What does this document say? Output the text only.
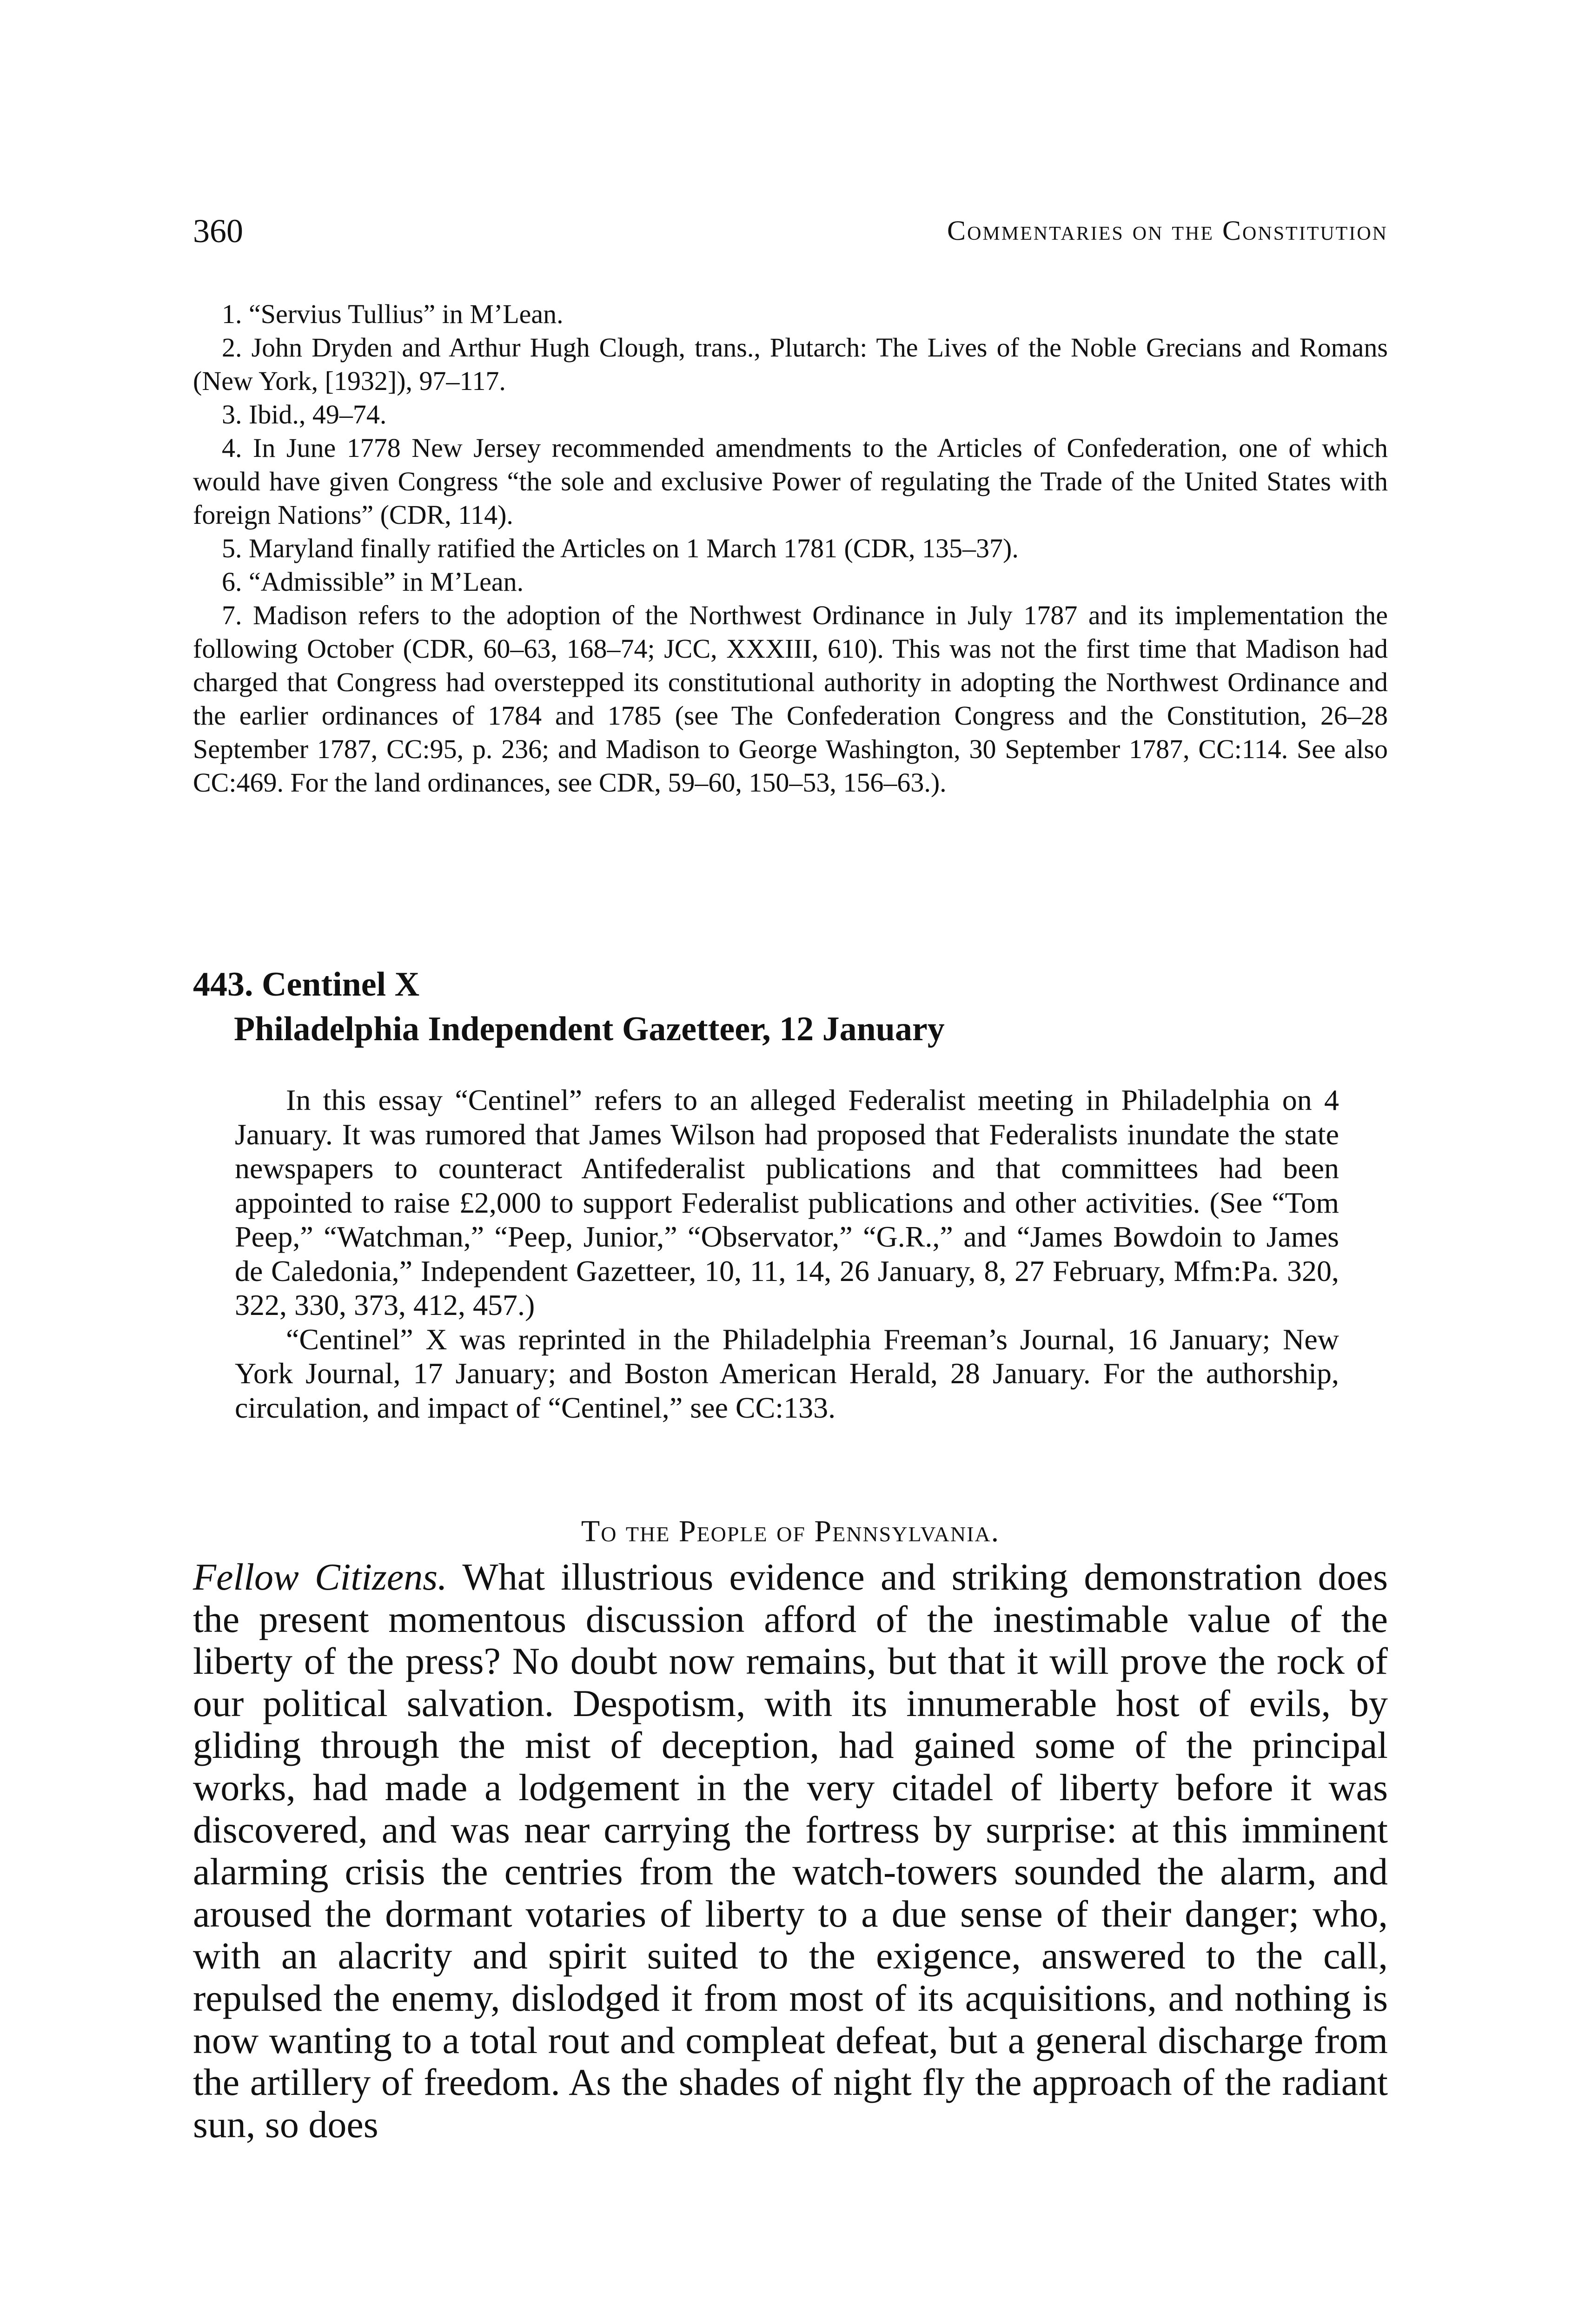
360	Commentaries on the Constitution

1. “Servius Tullius” in M’Lean.

2. John Dryden and Arthur Hugh Clough, trans., Plutarch: The Lives of the Noble Grecians and Romans (New York, [1932]), 97–117.

3. Ibid., 49–74.

4. In June 1778 New Jersey recommended amendments to the Articles of Confederation, one of which would have given Congress “the sole and exclusive Power of regulating the Trade of the United States with foreign Nations” (CDR, 114).

5. Maryland finally ratified the Articles on 1 March 1781 (CDR, 135–37).

6. “Admissible” in M’Lean.

7. Madison refers to the adoption of the Northwest Ordinance in July 1787 and its implementation the following October (CDR, 60–63, 168–74; JCC, XXXIII, 610). This was not the first time that Madison had charged that Congress had overstepped its constitutional authority in adopting the Northwest Ordinance and the earlier ordinances of 1784 and 1785 (see The Confederation Congress and the Constitution, 26–28 September 1787, CC:95, p. 236; and Madison to George Washington, 30 September 1787, CC:114. See also CC:469. For the land ordinances, see CDR, 59–60, 150–53, 156–63.).

443. Centinel X
Philadelphia Independent Gazetteer, 12 January

In this essay “Centinel” refers to an alleged Federalist meeting in Philadelphia on 4 January. It was rumored that James Wilson had proposed that Federalists inundate the state newspapers to counteract Antifederalist publications and that committees had been appointed to raise £2,000 to support Federalist publications and other activities. (See “Tom Peep,” “Watchman,” “Peep, Junior,” “Observator,” “G.R.,” and “James Bowdoin to James de Caledonia,” Independent Gazetteer, 10, 11, 14, 26 January, 8, 27 February, Mfm:Pa. 320, 322, 330, 373, 412, 457.)

“Centinel” X was reprinted in the Philadelphia Freeman’s Journal, 16 January; New York Journal, 17 January; and Boston American Herald, 28 January. For the authorship, circulation, and impact of “Centinel,” see CC:133.

To the People of Pennsylvania.

Fellow Citizens. What illustrious evidence and striking demonstration does the present momentous discussion afford of the inestimable value of the liberty of the press? No doubt now remains, but that it will prove the rock of our political salvation. Despotism, with its innumerable host of evils, by gliding through the mist of deception, had gained some of the principal works, had made a lodgement in the very citadel of liberty before it was discovered, and was near carrying the fortress by surprise: at this imminent alarming crisis the centries from the watch-towers sounded the alarm, and aroused the dormant votaries of liberty to a due sense of their danger; who, with an alacrity and spirit suited to the exigence, answered to the call, repulsed the enemy, dislodged it from most of its acquisitions, and nothing is now wanting to a total rout and compleat defeat, but a general discharge from the artillery of freedom. As the shades of night fly the approach of the radiant sun, so does
